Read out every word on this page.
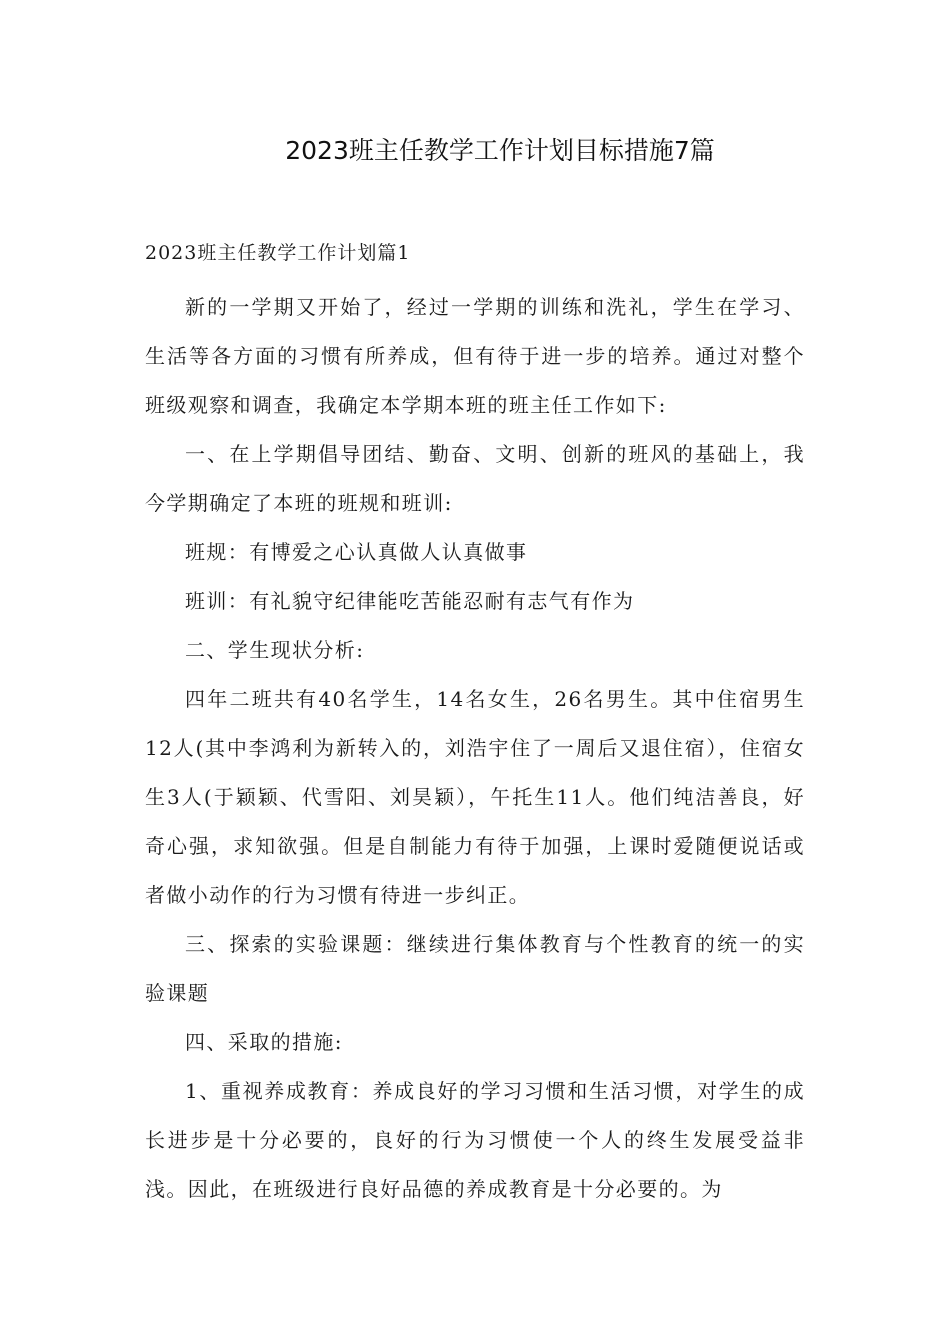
2023班主任教学工作计划目标措施7篇
2023班主任教学工作计划篇1

新的一学期又开始了，经过一学期的训练和洗礼，学生在学习、生活等各方面的习惯有所养成，但有待于进一步的培养。通过对整个班级观察和调查，我确定本学期本班的班主任工作如下:

一、在上学期倡导团结、勤奋、文明、创新的班风的基础上，我今学期确定了本班的班规和班训:

班规：有博爱之心认真做人认真做事

班训：有礼貌守纪律能吃苦能忍耐有志气有作为

二、学生现状分析:

四年二班共有40名学生，14名女生，26名男生。其中住宿男生12人(其中李鸿利为新转入的，刘浩宇住了一周后又退住宿），住宿女生3人(于颖颖、代雪阳、刘昊颖），午托生11人。他们纯洁善良，好奇心强，求知欲强。但是自制能力有待于加强，上课时爱随便说话或者做小动作的行为习惯有待进一步纠正。

三、探索的实验课题：继续进行集体教育与个性教育的统一的实验课题

四、采取的措施:

1、重视养成教育：养成良好的学习习惯和生活习惯，对学生的成长进步是十分必要的，良好的行为习惯使一个人的终生发展受益非浅。因此，在班级进行良好品德的养成教育是十分必要的。为
